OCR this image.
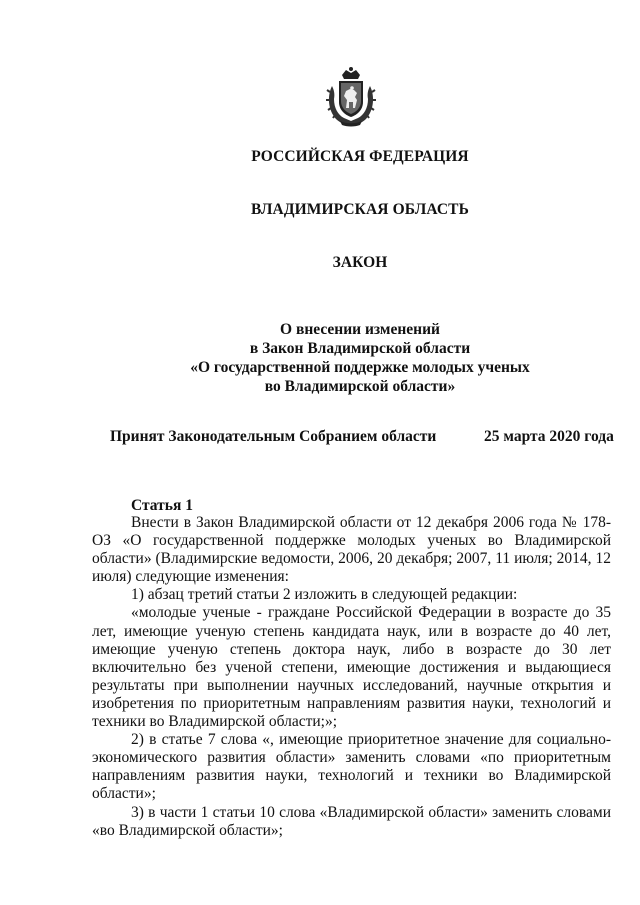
РОССИЙСКАЯ ФЕДЕРАЦИЯ
ВЛАДИМИРСКАЯ ОБЛАСТЬ
ЗАКОН
О внесении изменений
в Закон Владимирской области
«О государственной поддержке молодых ученых
во Владимирской области»
Принят Законодательным Собранием области	25 марта 2020 года
Статья 1

Внести в Закон Владимирской области от 12 декабря 2006 года № 178-ОЗ «О государственной поддержке молодых ученых во Владимирской области» (Владимирские ведомости, 2006, 20 декабря; 2007, 11 июля; 2014, 12 июля) следующие изменения:

1) абзац третий статьи 2 изложить в следующей редакции:

«молодые ученые - граждане Российской Федерации в возрасте до 35 лет, имеющие ученую степень кандидата наук, или в возрасте до 40 лет, имеющие ученую степень доктора наук, либо в возрасте до 30 лет включительно без ученой степени, имеющие достижения и выдающиеся результаты при выполнении научных исследований, научные открытия и изобретения по приоритетным направлениям развития науки, технологий и техники во Владимирской области;»;

2) в статье 7 слова «, имеющие приоритетное значение для социально-экономического развития области» заменить словами «по приоритетным направлениям развития науки, технологий и техники во Владимирской области»;

3) в части 1 статьи 10 слова «Владимирской области» заменить словами «во Владимирской области»;
